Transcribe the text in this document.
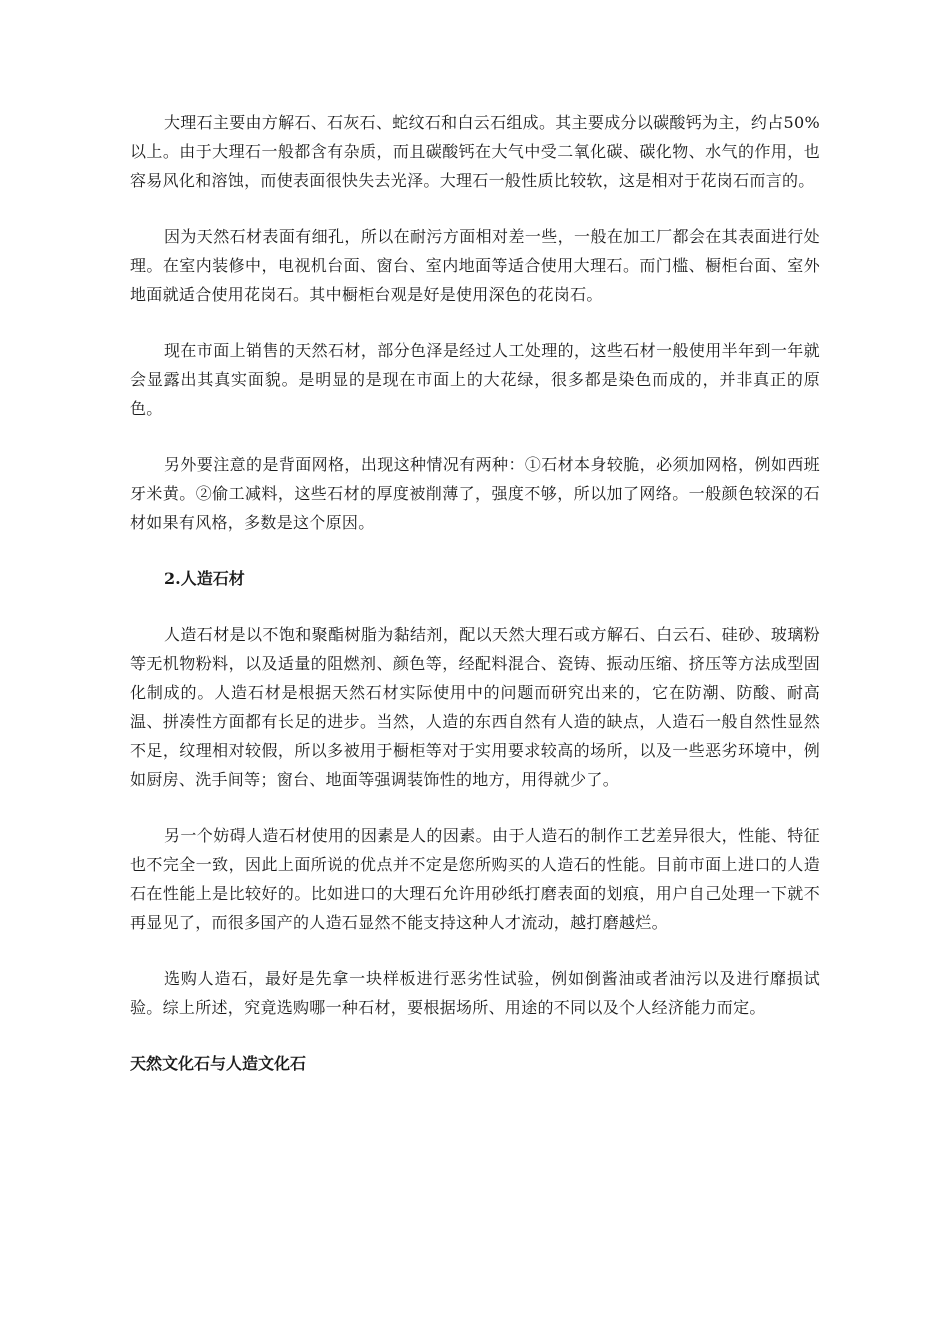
大理石主要由方解石、石灰石、蛇纹石和白云石组成。其主要成分以碳酸钙为主，约占50%以上。由于大理石一般都含有杂质，而且碳酸钙在大气中受二氧化碳、碳化物、水气的作用，也容易风化和溶蚀，而使表面很快失去光泽。大理石一般性质比较软，这是相对于花岗石而言的。

因为天然石材表面有细孔，所以在耐污方面相对差一些，一般在加工厂都会在其表面进行处理。在室内装修中，电视机台面、窗台、室内地面等适合使用大理石。而门槛、橱柜台面、室外地面就适合使用花岗石。其中橱柜台观是好是使用深色的花岗石。

现在市面上销售的天然石材，部分色泽是经过人工处理的，这些石材一般使用半年到一年就会显露出其真实面貌。是明显的是现在市面上的大花绿，很多都是染色而成的，并非真正的原色。

另外要注意的是背面网格，出现这种情况有两种：①石材本身较脆，必须加网格，例如西班牙米黄。②偷工减料，这些石材的厚度被削薄了，强度不够，所以加了网络。一般颜色较深的石材如果有风格，多数是这个原因。

2.人造石材

人造石材是以不饱和聚酯树脂为黏结剂，配以天然大理石或方解石、白云石、硅砂、玻璃粉等无机物粉料，以及适量的阻燃剂、颜色等，经配料混合、瓷铸、振动压缩、挤压等方法成型固化制成的。人造石材是根据天然石材实际使用中的问题而研究出来的，它在防潮、防酸、耐高温、拼凑性方面都有长足的进步。当然，人造的东西自然有人造的缺点，人造石一般自然性显然不足，纹理相对较假，所以多被用于橱柜等对于实用要求较高的场所，以及一些恶劣环境中，例如厨房、洗手间等；窗台、地面等强调装饰性的地方，用得就少了。

另一个妨碍人造石材使用的因素是人的因素。由于人造石的制作工艺差异很大，性能、特征也不完全一致，因此上面所说的优点并不定是您所购买的人造石的性能。目前市面上进口的人造石在性能上是比较好的。比如进口的大理石允许用砂纸打磨表面的划痕，用户自己处理一下就不再显见了，而很多国产的人造石显然不能支持这种人才流动，越打磨越烂。

选购人造石，最好是先拿一块样板进行恶劣性试验，例如倒酱油或者油污以及进行靡损试验。综上所述，究竟选购哪一种石材，要根据场所、用途的不同以及个人经济能力而定。

天然文化石与人造文化石
